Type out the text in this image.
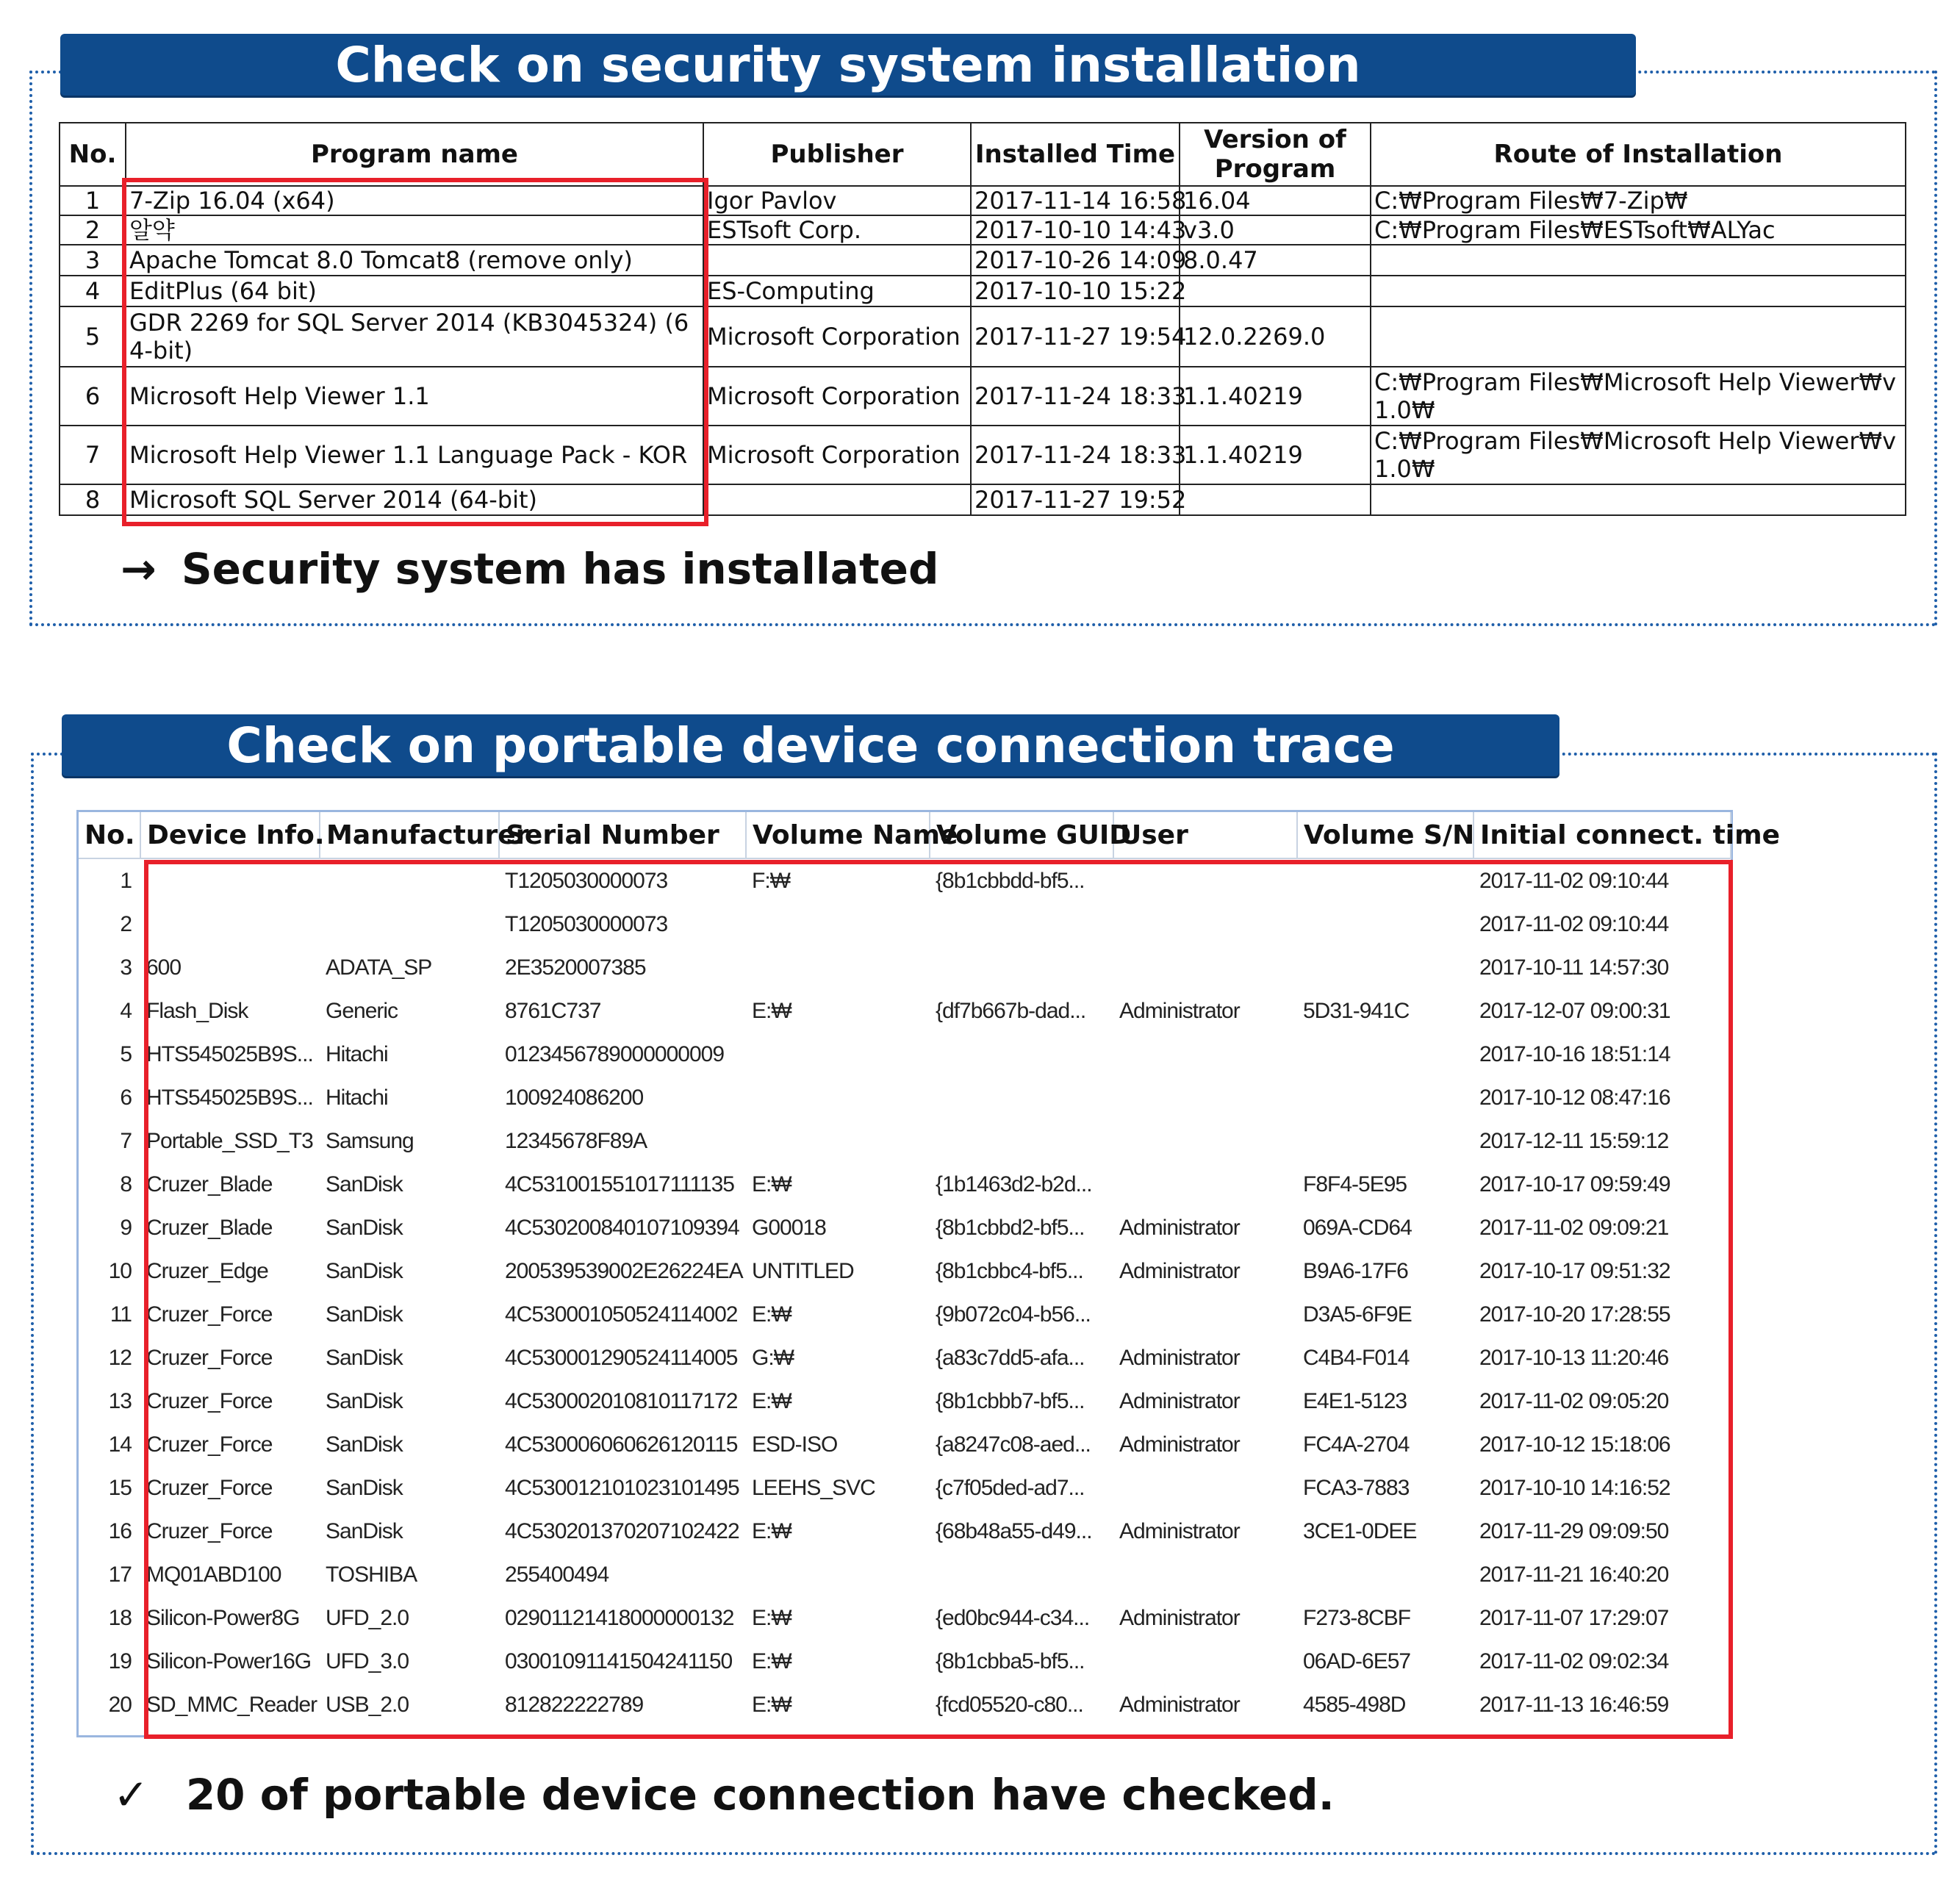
Check on security system installation
No.	Program name	Publisher	Installed Time	Version of Program	Route of Installation
1	7-Zip 16.04 (x64)	Igor Pavlov	2017-11-14 16:58	16.04	C:₩Program Files₩7-Zip₩
2	알약	ESTsoft Corp.	2017-10-10 14:43	v3.0	C:₩Program Files₩ESTsoft₩ALYac
3	Apache Tomcat 8.0 Tomcat8 (remove only)		2017-10-26 14:09	8.0.47	
4	EditPlus (64 bit)	ES-Computing	2017-10-10 15:22		
5	GDR 2269 for SQL Server 2014 (KB3045324) (64-bit)	Microsoft Corporation	2017-11-27 19:54	12.0.2269.0	
6	Microsoft Help Viewer 1.1	Microsoft Corporation	2017-11-24 18:33	1.1.40219	C:₩Program Files₩Microsoft Help Viewer₩v1.0₩
7	Microsoft Help Viewer 1.1 Language Pack - KOR	Microsoft Corporation	2017-11-24 18:33	1.1.40219	C:₩Program Files₩Microsoft Help Viewer₩v1.0₩
8	Microsoft SQL Server 2014 (64-bit)		2017-11-27 19:52		
→ Security system has installated
Check on portable device connection trace
No.	Device Info.	Manufacturer	Serial Number	Volume Name	Volume GUID	User	Volume S/N	Initial connect. time
1			T1205030000073	F:₩	{8b1cbbdd-bf5...			2017-11-02 09:10:44
2			T1205030000073					2017-11-02 09:10:44
3	600	ADATA_SP	2E3520007385					2017-10-11 14:57:30
4	Flash_Disk	Generic	8761C737	E:₩	{df7b667b-dad...	Administrator	5D31-941C	2017-12-07 09:00:31
5	HTS545025B9S...	Hitachi	0123456789000000009					2017-10-16 18:51:14
6	HTS545025B9S...	Hitachi	100924086200					2017-10-12 08:47:16
7	Portable_SSD_T3	Samsung	12345678F89A					2017-12-11 15:59:12
8	Cruzer_Blade	SanDisk	4C531001551017111135	E:₩	{1b1463d2-b2d...		F8F4-5E95	2017-10-17 09:59:49
9	Cruzer_Blade	SanDisk	4C530200840107109394	G00018	{8b1cbbd2-bf5...	Administrator	069A-CD64	2017-11-02 09:09:21
10	Cruzer_Edge	SanDisk	200539539002E26224EA	UNTITLED	{8b1cbbc4-bf5...	Administrator	B9A6-17F6	2017-10-17 09:51:32
11	Cruzer_Force	SanDisk	4C530001050524114002	E:₩	{9b072c04-b56...		D3A5-6F9E	2017-10-20 17:28:55
12	Cruzer_Force	SanDisk	4C530001290524114005	G:₩	{a83c7dd5-afa...	Administrator	C4B4-F014	2017-10-13 11:20:46
13	Cruzer_Force	SanDisk	4C530002010810117172	E:₩	{8b1cbbb7-bf5...	Administrator	E4E1-5123	2017-11-02 09:05:20
14	Cruzer_Force	SanDisk	4C530006060626120115	ESD-ISO	{a8247c08-aed...	Administrator	FC4A-2704	2017-10-12 15:18:06
15	Cruzer_Force	SanDisk	4C530012101023101495	LEEHS_SVC	{c7f05ded-ad7...		FCA3-7883	2017-10-10 14:16:52
16	Cruzer_Force	SanDisk	4C530201370207102422	E:₩	{68b48a55-d49...	Administrator	3CE1-0DEE	2017-11-29 09:09:50
17	MQ01ABD100	TOSHIBA	255400494					2017-11-21 16:40:20
18	Silicon-Power8G	UFD_2.0	02901121418000000132	E:₩	{ed0bc944-c34...	Administrator	F273-8CBF	2017-11-07 17:29:07
19	Silicon-Power16G	UFD_3.0	03001091141504241150	E:₩	{8b1cbba5-bf5...		06AD-6E57	2017-11-02 09:02:34
20	SD_MMC_Reader	USB_2.0	812822222789	E:₩	{fcd05520-c80...	Administrator	4585-498D	2017-11-13 16:46:59
✓ 20 of portable device connection have checked.
